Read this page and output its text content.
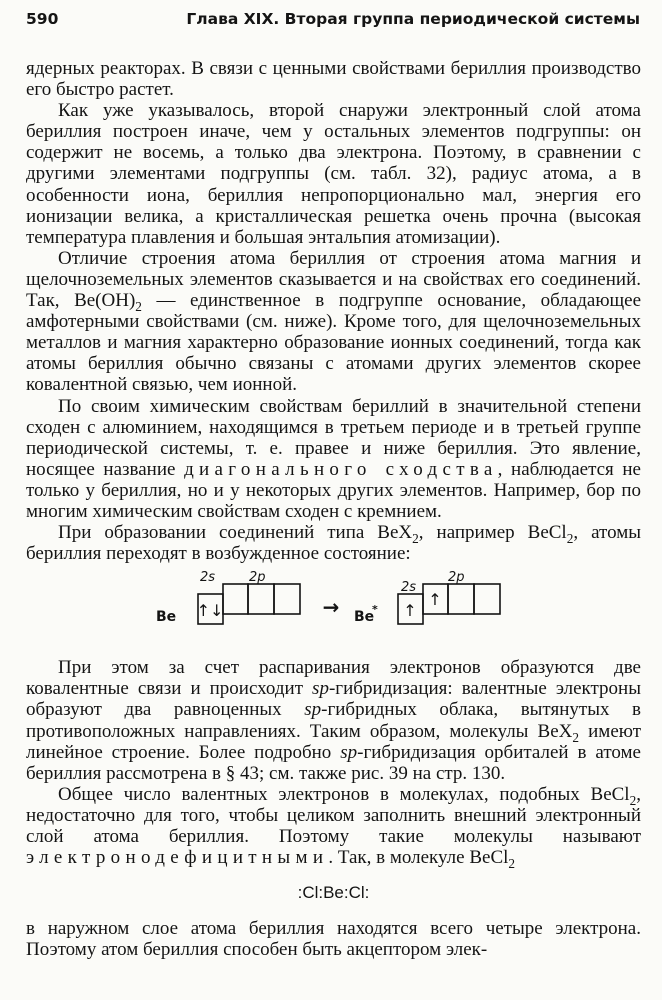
590	Глава XIX. Вторая группа периодической системы

ядерных реакторах. В связи с ценными свойствами бериллия производство его быстро растет.

Как уже указывалось, второй снаружи электронный слой атома бериллия построен иначе, чем у остальных элементов подгруппы: он содержит не восемь, а только два электрона. Поэтому, в сравнении с другими элементами подгруппы (см. табл. 32), радиус атома, а в особенности иона, бериллия непропорционально мал, энергия его ионизации велика, а кристаллическая решетка очень прочна (высокая температура плавления и большая энтальпия атомизации).

Отличие строения атома бериллия от строения атома магния и щелочноземельных элементов сказывается и на свойствах его соединений. Так, $Be(OH)_2$ — единственное в подгруппе основание, обладающее амфотерными свойствами (см. ниже). Кроме того, для щелочноземельных металлов и магния характерно образование ионных соединений, тогда как атомы бериллия обычно связаны с атомами других элементов скорее ковалентной связью, чем ионной.

По своим химическим свойствам бериллий в значительной степени сходен с алюминием, находящимся в третьем периоде и в третьей группе периодической системы, т. е. правее и ниже бериллия. Это явление, носящее название диагонального сходства, наблюдается не только у бериллия, но и у некоторых других элементов. Например, бор по многим химическим свойствам сходен с кремнием.

При образовании соединений типа BeX$_2$, например BeCl$_2$, атомы бериллия переходят в возбужденное состояние:

2s	2p
2s
2p
Be	Be
*
↑↓	↑
↑
→

При этом за счет распаривания электронов образуются две ковалентные связи и происходит sp-гибридизация: валентные электроны образуют два равноценных sp-гибридных облака, вытянутых в противоположных направлениях. Таким образом, молекулы BeX$_2$ имеют линейное строение. Более подробно sp-гибридизация орбиталей в атоме бериллия рассмотрена в § 43; см. также рис. 39 на стр. 130.

Общее число валентных электронов в молекулах, подобных BeCl$_2$, недостаточно для того, чтобы целиком заполнить внешний электронный слой атома бериллия. Поэтому такие молекулы называют электронодефицитными. Так, в молекуле BeCl$_2$

:Cl:Be:Cl:

в наружном слое атома бериллия находятся всего четыре электрона. Поэтому атом бериллия способен быть акцептором элек-
